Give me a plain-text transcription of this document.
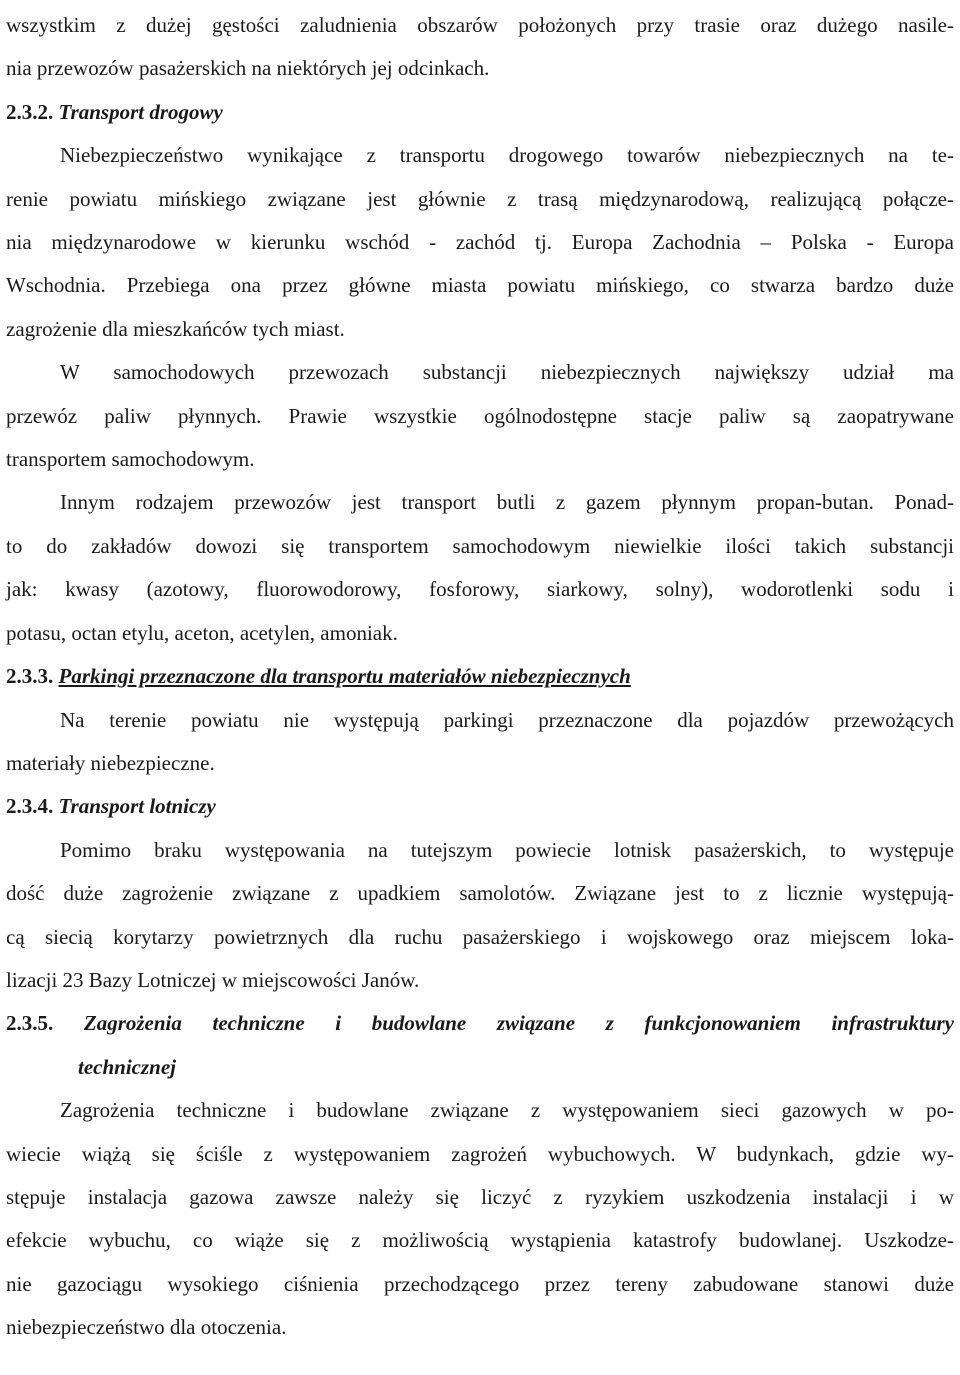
wszystkim z dużej gęstości zaludnienia obszarów położonych przy trasie oraz dużego nasile-
nia przewozów pasażerskich na niektórych jej odcinkach.
2.3.2. Transport drogowy
Niebezpieczeństwo wynikające z transportu drogowego towarów niebezpiecznych na te-
renie powiatu mińskiego związane jest głównie z trasą międzynarodową, realizującą połącze-
nia międzynarodowe w kierunku wschód - zachód tj. Europa Zachodnia – Polska - Europa
Wschodnia. Przebiega ona przez główne miasta powiatu mińskiego, co stwarza bardzo duże
zagrożenie dla mieszkańców tych miast.
W samochodowych przewozach substancji niebezpiecznych największy udział ma
przewóz paliw płynnych. Prawie wszystkie ogólnodostępne stacje paliw są zaopatrywane
transportem samochodowym.
Innym rodzajem przewozów jest transport butli z gazem płynnym propan-butan. Ponad-
to do zakładów dowozi się transportem samochodowym niewielkie ilości takich substancji
jak: kwasy (azotowy, fluorowodorowy, fosforowy, siarkowy, solny), wodorotlenki sodu i
potasu, octan etylu, aceton, acetylen, amoniak.
2.3.3. Parkingi przeznaczone dla transportu materiałów niebezpiecznych
Na terenie powiatu nie występują parkingi przeznaczone dla pojazdów przewożących
materiały niebezpieczne.
2.3.4. Transport lotniczy
Pomimo braku występowania na tutejszym powiecie lotnisk pasażerskich, to występuje
dość duże zagrożenie związane z upadkiem samolotów. Związane jest to z licznie występują-
cą siecią korytarzy powietrznych dla ruchu pasażerskiego i wojskowego oraz miejscem loka-
lizacji 23 Bazy Lotniczej w miejscowości Janów.
2.3.5. Zagrożenia techniczne i budowlane związane z funkcjonowaniem infrastruktury
technicznej
Zagrożenia techniczne i budowlane związane z występowaniem sieci gazowych w po-
wiecie wiążą się ściśle z występowaniem zagrożeń wybuchowych. W budynkach, gdzie wy-
stępuje instalacja gazowa zawsze należy się liczyć z ryzykiem uszkodzenia instalacji i w
efekcie wybuchu, co wiąże się z możliwością wystąpienia katastrofy budowlanej. Uszkodze-
nie gazociągu wysokiego ciśnienia przechodzącego przez tereny zabudowane stanowi duże
niebezpieczeństwo dla otoczenia.
